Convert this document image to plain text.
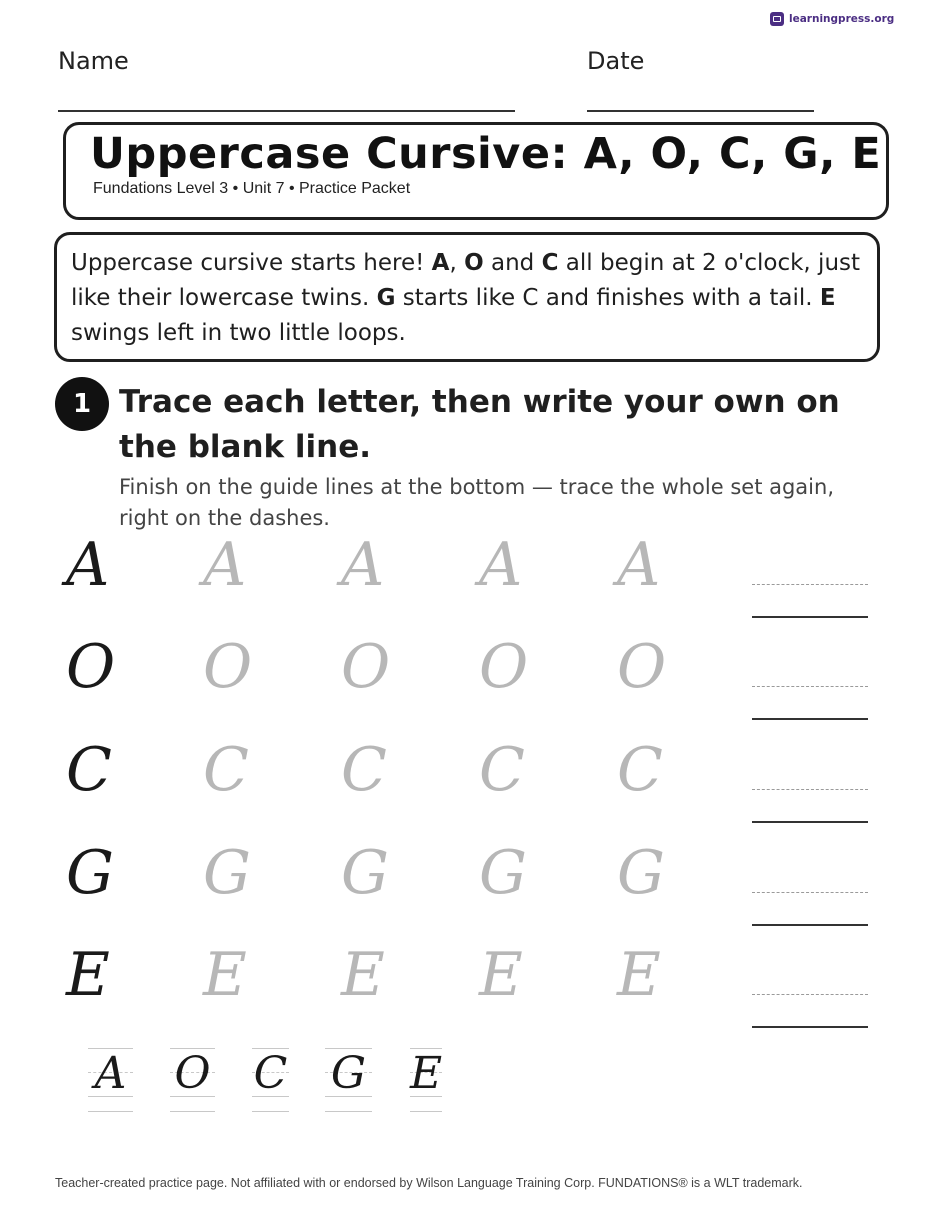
learningpress.org
Name	Date
Uppercase Cursive: A, O, C, G, E
Fundations Level 3 • Unit 7 • Practice Packet
Uppercase cursive starts here! A, O and C all begin at 2 o'clock, just like their lowercase twins. G starts like C and finishes with a tail. E swings left in two little loops.
1 Trace each letter, then write your own on the blank line.
Finish on the guide lines at the bottom — trace the whole set again, right on the dashes.
A A A A A
O O O O O
C C C C C
G G G G G
E E E E E
A O C G E
Teacher-created practice page. Not affiliated with or endorsed by Wilson Language Training Corp. FUNDATIONS® is a WLT trademark.
